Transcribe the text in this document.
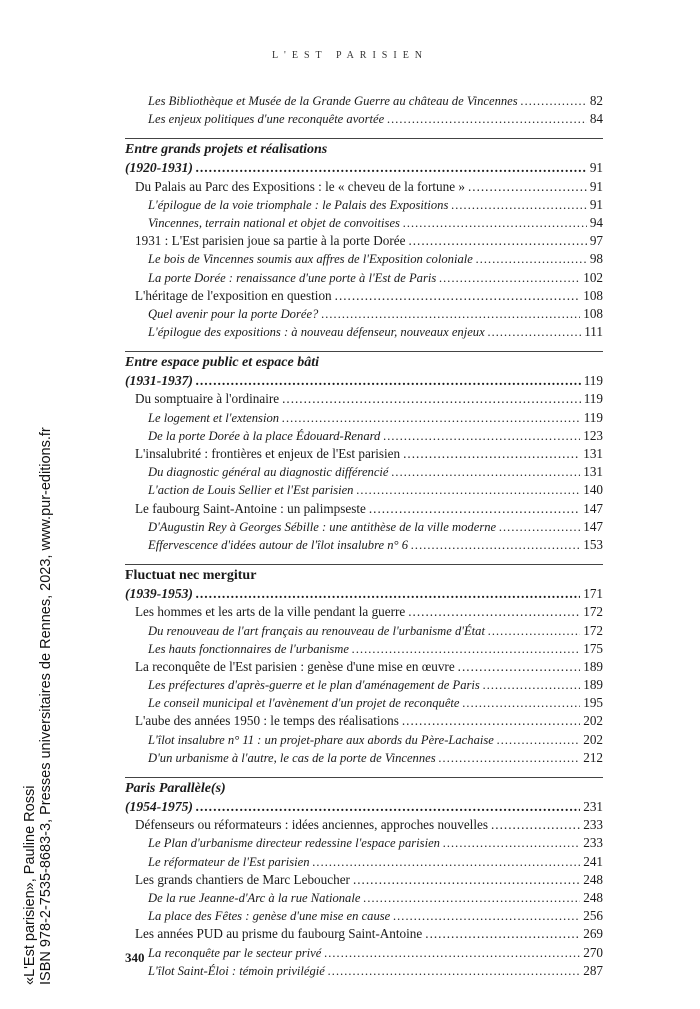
L'EST PARISIEN
«L'Est parisien», Pauline Rossi ISBN 978-2-7535-8683-3, Presses universitaires de Rennes, 2023, www.pur-editions.fr
Les Bibliothèque et Musée de la Grande Guerre au château de Vincennes .....	82
Les enjeux politiques d'une reconquête avortée .....	84
Entre grands projets et réalisations
(1920-1931) .....	91
Du Palais au Parc des Expositions : le « cheveu de la fortune » .....	91
L'épilogue de la voie triomphale : le Palais des Expositions .....	91
Vincennes, terrain national et objet de convoitises .....	94
1931 : L'Est parisien joue sa partie à la porte Dorée .....	97
Le bois de Vincennes soumis aux affres de l'Exposition coloniale .....	98
La porte Dorée : renaissance d'une porte à l'Est de Paris .....	102
L'héritage de l'exposition en question .....	108
Quel avenir pour la porte Dorée? .....	108
L'épilogue des expositions : à nouveau défenseur, nouveaux enjeux .....	111
Entre espace public et espace bâti
(1931-1937) .....	119
Du somptuaire à l'ordinaire .....	119
Le logement et l'extension .....	119
De la porte Dorée à la place Édouard-Renard .....	123
L'insalubrité : frontières et enjeux de l'Est parisien .....	131
Du diagnostic général au diagnostic différencié .....	131
L'action de Louis Sellier et l'Est parisien .....	140
Le faubourg Saint-Antoine : un palimpseste .....	147
D'Augustin Rey à Georges Sébille : une antithèse de la ville moderne .....	147
Effervescence d'idées autour de l'îlot insalubre n° 6 .....	153
Fluctuat nec mergitur
(1939-1953) .....	171
Les hommes et les arts de la ville pendant la guerre .....	172
Du renouveau de l'art français au renouveau de l'urbanisme d'État .....	172
Les hauts fonctionnaires de l'urbanisme .....	175
La reconquête de l'Est parisien : genèse d'une mise en œuvre .....	189
Les préfectures d'après-guerre et le plan d'aménagement de Paris .....	189
Le conseil municipal et l'avènement d'un projet de reconquête .....	195
L'aube des années 1950 : le temps des réalisations .....	202
L'îlot insalubre n° 11 : un projet-phare aux abords du Père-Lachaise .....	202
D'un urbanisme à l'autre, le cas de la porte de Vincennes .....	212
Paris Parallèle(s)
(1954-1975) .....	231
Défenseurs ou réformateurs : idées anciennes, approches nouvelles .....	233
Le Plan d'urbanisme directeur redessine l'espace parisien .....	233
Le réformateur de l'Est parisien .....	241
Les grands chantiers de Marc Leboucher .....	248
De la rue Jeanne-d'Arc à la rue Nationale .....	248
La place des Fêtes : genèse d'une mise en cause .....	256
Les années PUD au prisme du faubourg Saint-Antoine .....	269
La reconquête par le secteur privé .....	270
L'îlot Saint-Éloi : témoin privilégié .....	287
340
